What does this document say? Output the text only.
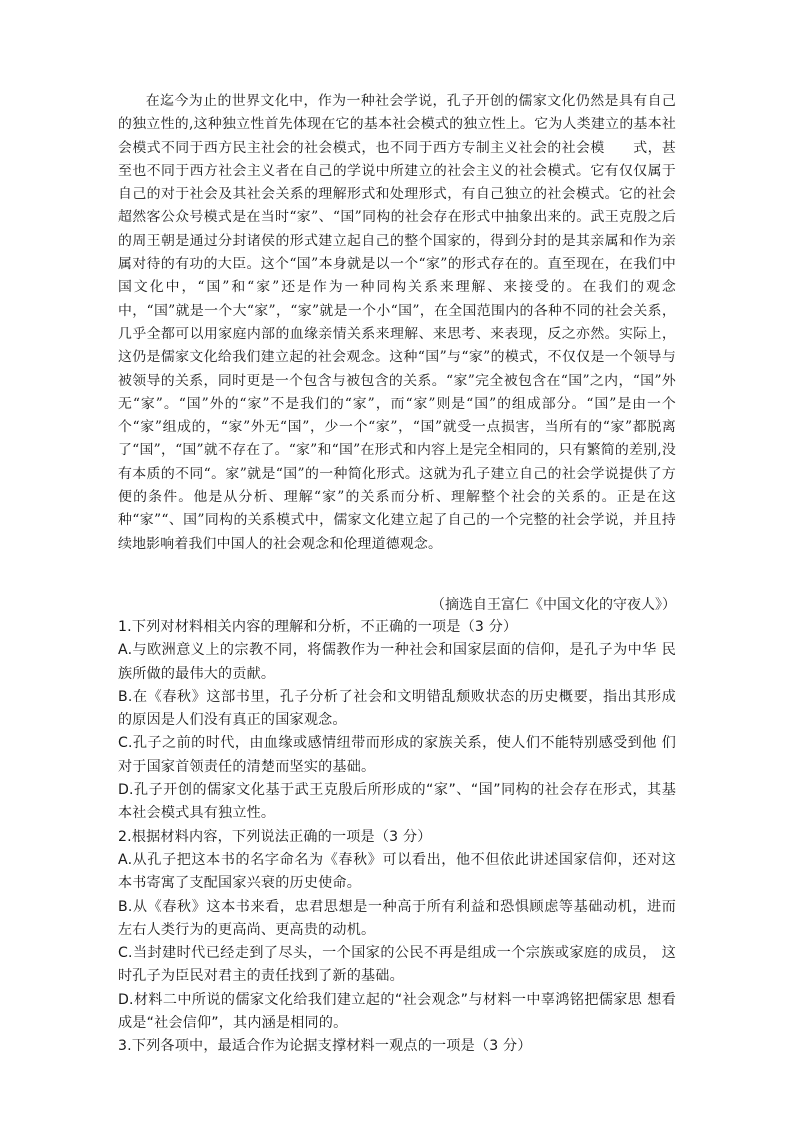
在迄今为止的世界文化中，作为一种社会学说，孔子开创的儒家文化仍然是具有自己的独立性的,这种独立性首先体现在它的基本社会模式的独立性上。它为人类建立的基本社会模式不同于西方民主社会的社会模式，也不同于西方专制主义社会的社会模　　式，甚至也不同于西方社会主义者在自己的学说中所建立的社会主义的社会模式。它有仅仅属于自己的对于社会及其社会关系的理解形式和处理形式，有自己独立的社会模式。它的社会超然客公众号模式是在当时“家”、“国”同构的社会存在形式中抽象出来的。武王克殷之后的周王朝是通过分封诸侯的形式建立起自己的整个国家的，得到分封的是其亲属和作为亲属对待的有功的大臣。这个“国”本身就是以一个“家”的形式存在的。直至现在，在我们中国文化中，“国”和“家”还是作为一种同构关系来理解、来接受的。在我们的观念中，“国”就是一个大“家”，“家”就是一个小“国”，在全国范围内的各种不同的社会关系，几乎全都可以用家庭内部的血缘亲情关系来理解、来思考、来表现，反之亦然。实际上，这仍是儒家文化给我们建立起的社会观念。这种“国”与“家”的模式，不仅仅是一个领导与被领导的关系，同时更是一个包含与被包含的关系。“家”完全被包含在“国”之内，“国”外无“家”。“国”外的“家”不是我们的“家”，而“家”则是“国”的组成部分。“国”是由一个个“家”组成的，“家”外无“国”，少一个“家”，“国”就受一点损害，当所有的“家”都脱离了“国”，“国”就不存在了。“家”和“国”在形式和内容上是完全相同的，只有繁简的差别,没有本质的不同“。家”就是“国”的一种简化形式。这就为孔子建立自己的社会学说提供了方便的条件。他是从分析、理解“家”的关系而分析、理解整个社会的关系的。正是在这种“家”“、国”同构的关系模式中，儒家文化建立起了自己的一个完整的社会学说，并且持续地影响着我们中国人的社会观念和伦理道德观念。

（摘选自王富仁《中国文化的守夜人》）

1.下列对材料相关内容的理解和分析，不正确的一项是（3 分）

A.与欧洲意义上的宗教不同，将儒教作为一种社会和国家层面的信仰，是孔子为中华 民族所做的最伟大的贡献。

B.在《春秋》这部书里，孔子分析了社会和文明错乱颓败状态的历史概要，指出其形成 的原因是人们没有真正的国家观念。

C.孔子之前的时代，由血缘或感情纽带而形成的家族关系，使人们不能特别感受到他 们对于国家首领责任的清楚而坚实的基础。

D.孔子开创的儒家文化基于武王克殷后所形成的“家”、“国”同构的社会存在形式，其基本社会模式具有独立性。

2.根据材料内容，下列说法正确的一项是（3 分）

A.从孔子把这本书的名字命名为《春秋》可以看出，他不但依此讲述国家信仰，还对这 本书寄寓了支配国家兴衰的历史使命。

B.从《春秋》这本书来看，忠君思想是一种高于所有利益和恐惧顾虑等基础动机，进而 左右人类行为的更高尚、更高贵的动机。

C.当封建时代已经走到了尽头，一个国家的公民不再是组成一个宗族或家庭的成员， 这时孔子为臣民对君主的责任找到了新的基础。

D.材料二中所说的儒家文化给我们建立起的“社会观念”与材料一中辜鸿铭把儒家思 想看成是“社会信仰”，其内涵是相同的。

3.下列各项中，最适合作为论据支撑材料一观点的一项是（3 分）
